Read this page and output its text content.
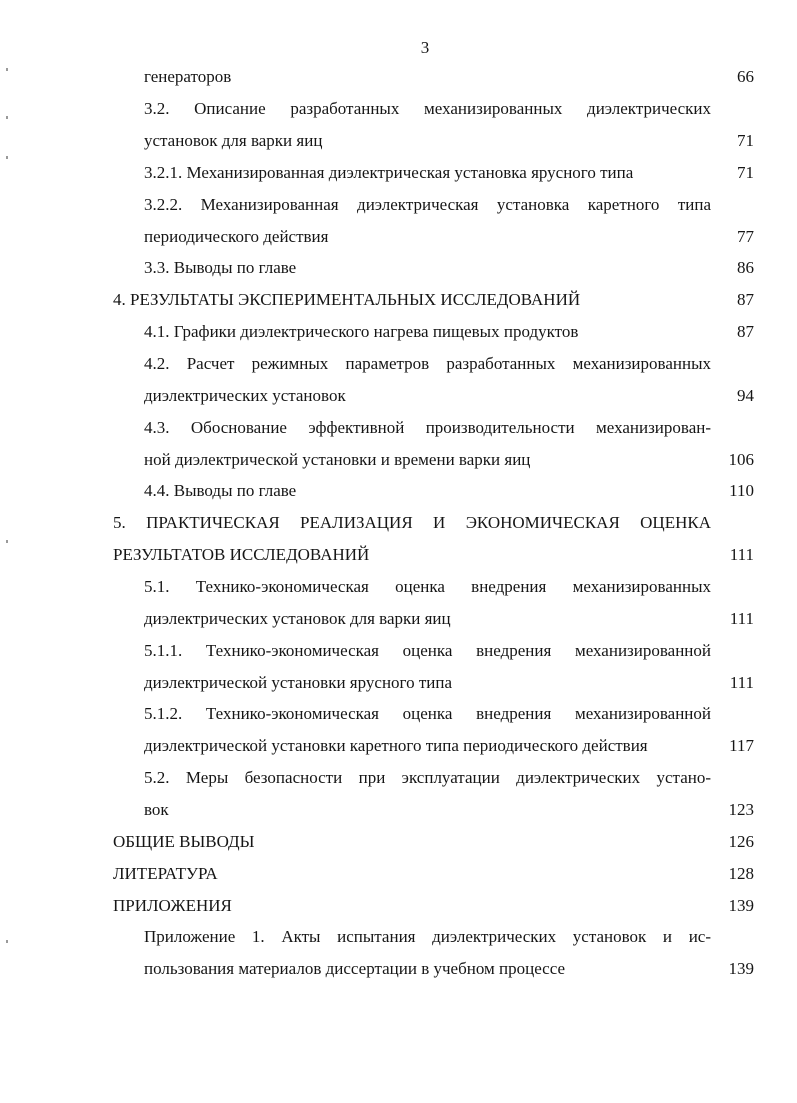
3
генераторов	66
3.2. Описание разработанных механизированных диэлектрических
установок для варки яиц	71
3.2.1. Механизированная диэлектрическая установка ярусного типа	71
3.2.2. Механизированная диэлектрическая установка каретного типа
периодического действия	77
3.3. Выводы по главе	86
4. РЕЗУЛЬТАТЫ ЭКСПЕРИМЕНТАЛЬНЫХ ИССЛЕДОВАНИЙ	87
4.1. Графики диэлектрического нагрева пищевых продуктов	87
4.2. Расчет режимных параметров разработанных механизированных
диэлектрических установок	94
4.3. Обоснование эффективной производительности механизирован-
ной диэлектрической установки и времени варки яиц	106
4.4. Выводы по главе	110
5. ПРАКТИЧЕСКАЯ РЕАЛИЗАЦИЯ И ЭКОНОМИЧЕСКАЯ ОЦЕНКА
РЕЗУЛЬТАТОВ ИССЛЕДОВАНИЙ	111
5.1. Технико-экономическая оценка внедрения механизированных
диэлектрических установок для варки яиц	111
5.1.1. Технико-экономическая оценка внедрения механизированной
диэлектрической установки ярусного типа	111
5.1.2. Технико-экономическая оценка внедрения механизированной
диэлектрической установки каретного типа периодического действия	117
5.2. Меры безопасности при эксплуатации диэлектрических устано-
вок	123
ОБЩИЕ ВЫВОДЫ	126
ЛИТЕРАТУРА	128
ПРИЛОЖЕНИЯ	139
Приложение 1. Акты испытания диэлектрических установок и ис-
пользования материалов диссертации в учебном процессе	139
